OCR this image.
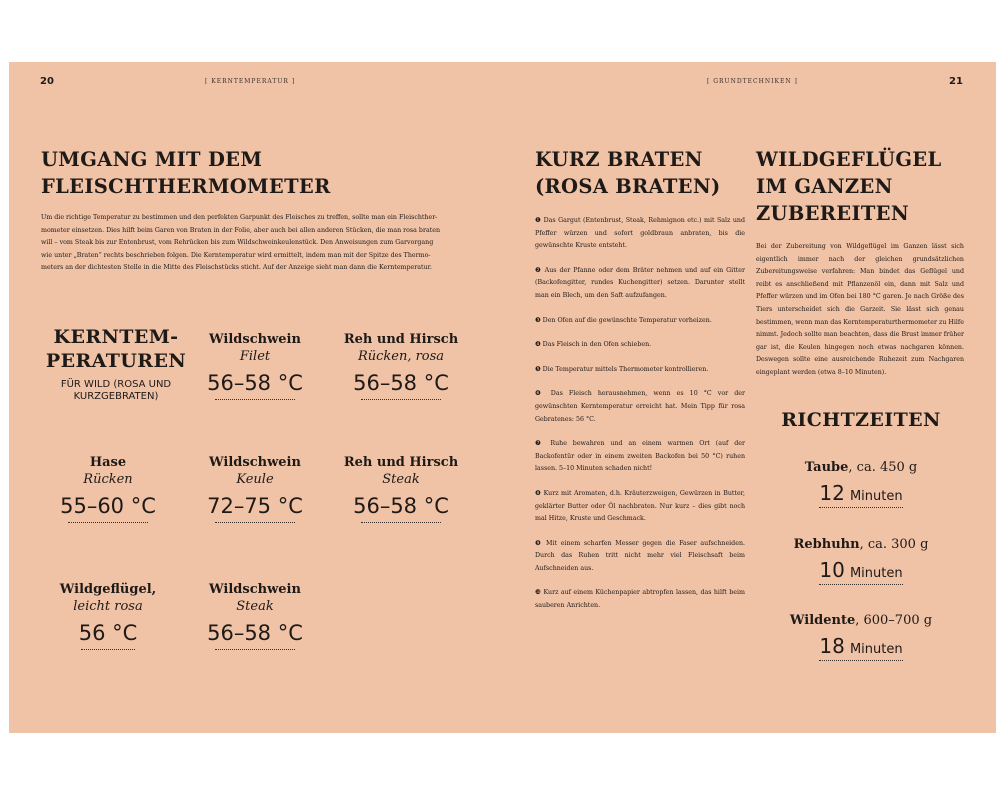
20	[ KERNTEMPERATUR ]	[ GRUNDTECHNIKEN ]	21
UMGANG MIT DEM FLEISCHTHERMOMETER

Um die richtige Temperatur zu bestimmen und den perfekten Garpunkt des Fleisches zu treffen, sollte man ein Fleischther-

mometer einsetzen. Dies hilft beim Garen von Braten in der Folie, aber auch bei allen anderen Stücken, die man rosa braten

will – vom Steak bis zur Entenbrust, vom Rehrücken bis zum Wildschweinkeulenstück. Den Anweisungen zum Garvorgang

wie unter „Braten“ rechts beschrieben folgen. Die Kerntemperatur wird ermittelt, indem man mit der Spitze des Thermo-

meters an der dichtesten Stelle in die Mitte des Fleischstücks sticht. Auf der Anzeige sieht man dann die Kerntemperatur.

KERNTEM-
PERATUREN
FÜR WILD (ROSA UND
KURZGEBRATEN)
Wildschwein
Filet
56–58 °C
Reh und Hirsch
Rücken, rosa
56–58 °C
Hase
Rücken
55–60 °C
Wildschwein
Keule
72–75 °C
Reh und Hirsch
Steak
56–58 °C
Wildgeflügel,
leicht rosa
56 °C
Wildschwein
Steak
56–58 °C
KURZ BRATEN
(ROSA BRATEN)

❶ Das Gargut (Entenbrust, Steak, Rehmignon etc.) mit Salz und Pfeffer würzen und sofort goldbraun anbraten, bis die gewünschte Kruste entsteht.

❷ Aus der Pfanne oder dem Bräter nehmen und auf ein Gitter (Backofengitter, rundes Kuchengitter) setzen. Darunter stellt man ein Blech, um den Saft aufzufangen.

❸ Den Ofen auf die gewünschte Temperatur vorheizen.

❹ Das Fleisch in den Ofen schieben.

❺ Die Temperatur mittels Thermometer kontrollieren.

❻ Das Fleisch herausnehmen, wenn es 10 °C vor der gewünschten Kerntemperatur erreicht hat. Mein Tipp für rosa Gebratenes: 56 °C.

❼ Ruhe bewahren und an einem warmen Ort (auf der Backofentür oder in einem zweiten Backofen bei 50 °C) ruhen lassen. 5–10 Minuten schaden nicht!

❽ Kurz mit Aromaten, d.h. Kräuterzweigen, Gewürzen in Butter, geklärter Butter oder Öl nachbraten. Nur kurz – dies gibt noch mal Hitze, Kruste und Geschmack.

❾ Mit einem scharfen Messer gegen die Faser aufschneiden. Durch das Ruhen tritt nicht mehr viel Fleischsaft beim Aufschneiden aus.

❿ Kurz auf einem Küchenpapier abtropfen lassen, das hilft beim sauberen Anrichten.

WILDGEFLÜGEL
IM GANZEN
ZUBEREITEN

Bei der Zubereitung von Wildgeflügel im Ganzen lässt sich eigentlich immer nach der gleichen grundsätzlichen Zubereitungsweise verfahren: Man bindet das Geflügel und reibt es anschließend mit Pflanzenöl ein, dann mit Salz und Pfeffer würzen und im Ofen bei 180 °C garen. Je nach Größe des Tiers unterscheidet sich die Garzeit. Sie lässt sich genau bestimmen, wenn man das Kerntemperaturthermometer zu Hilfe nimmt. Jedoch sollte man beachten, dass die Brust immer früher gar ist, die Keulen hingegen noch etwas nachgaren können. Deswegen sollte eine ausreichende Ruhezeit zum Nachgaren eingeplant werden (etwa 8–10 Minuten).

RICHTZEITEN
Taube, ca. 450 g
12 Minuten
Rebhuhn, ca. 300 g
10 Minuten
Wildente, 600–700 g
18 Minuten
